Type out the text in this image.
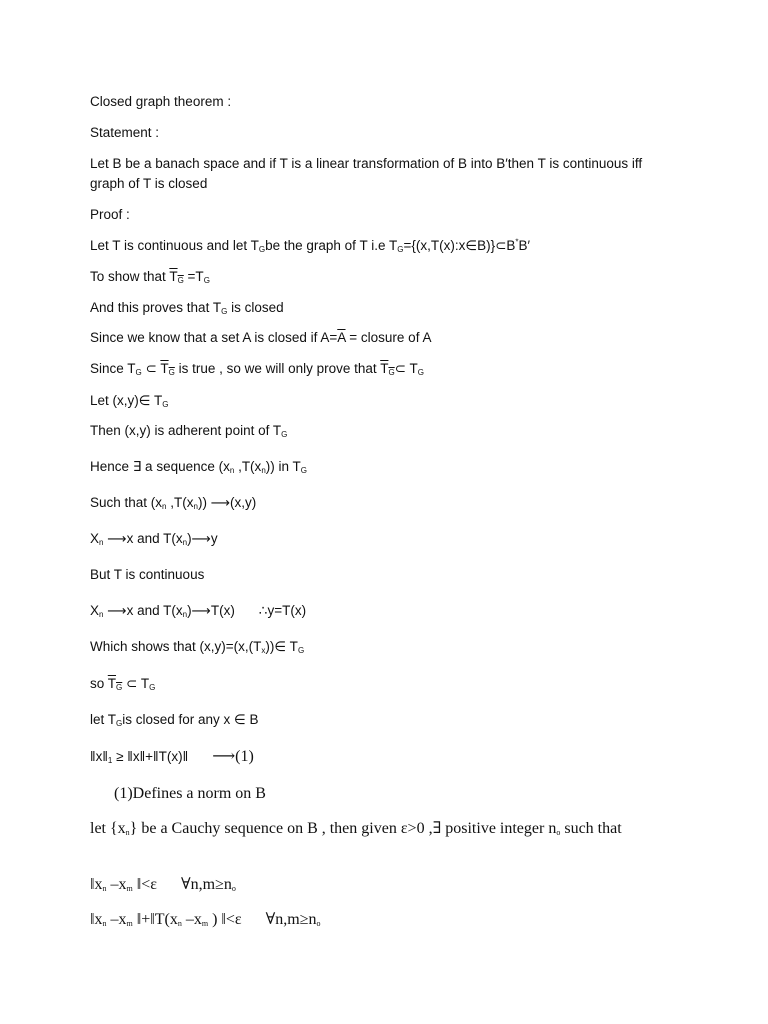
Closed graph theorem :

Statement :

Let B be a banach space and if T is a linear transformation of B into B′then T is continuous iff graph of T is closed

Proof :

Let T is continuous and let $T_Gbe$ the graph of T i.e $T_G=\{(x,T(x):x\in B)\}\subset B^*B'$

To show that $T_G =T_G$

And this proves that $T_G$ is closed

Since we know that a set A is closed if $A=\overline{A}$ = closure of A

Since $T_G$ ⊂ $T_G$ is true , so we will only prove that $T_G\subset$ $T_G$

Let (x,y)∈ $T_G$

Then (x,y) is adherent point of $T_G$

Hence ∃ a sequence ($x_n$ $,T(x_n)$) in $T_G$

Such that ($x_n$ $,T(x_n)$) ⟶(x,y)

$X_n$ ⟶x and $T(x_n)⟶y$

But T is continuous

$X_n$ ⟶x and $T(x_n)⟶T(x)$ ∴y=T(x)

Which shows that $(x,y)=(x,(T_x))\in$ $T_G$

so $T_G$ ⊂ $T_G$

let $T_Gis$ closed for any x ∈ B

$‖x‖_1$ ≥ ‖x‖+‖T(x)‖ ⟶(1)

(1)Defines a norm on B

let $\{x_n\}$ be a Cauchy sequence on B , then given ε>0 ,∃ positive integer $n_o$ such that

$‖x_n$ $-x_m$ ‖<ε $\forall n,m\ge n_o$

$‖x_n$ $-x_m$ $‖+‖T(x_n$ $-x_m$ ) ‖<ε $\forall n,m\ge n_o$
